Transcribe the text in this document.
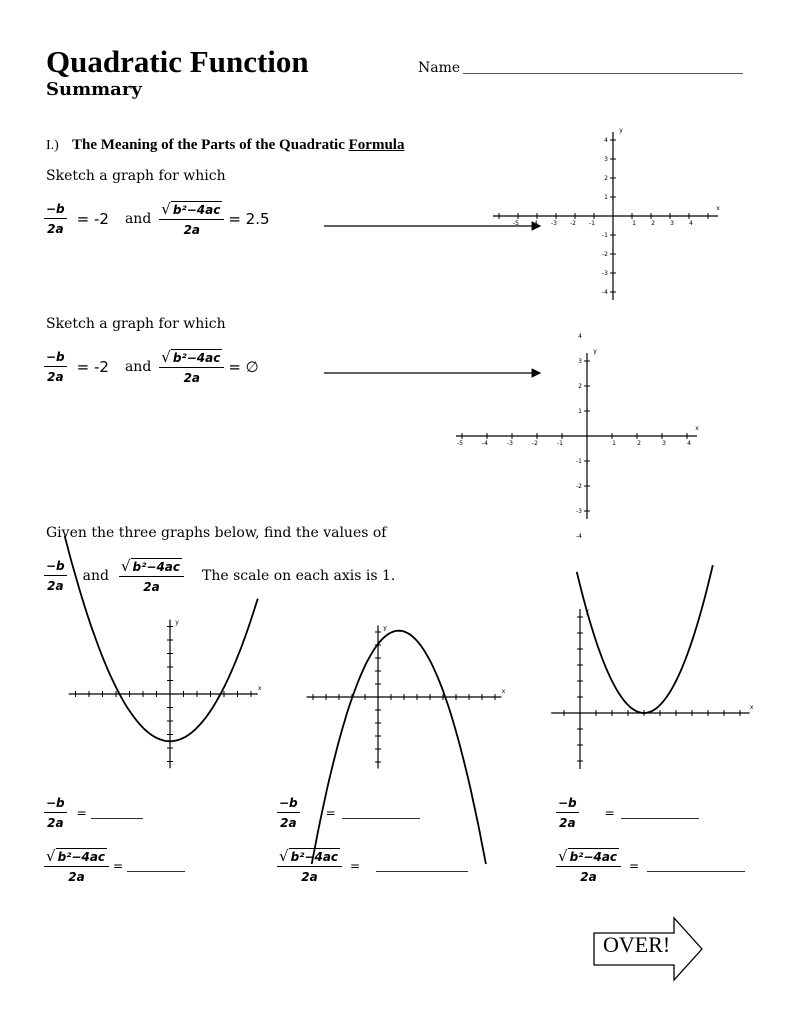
Quadratic Function
Summary
Name
I.) The Meaning of the Parts of the Quadratic Formula
Sketch a graph for which
$\frac{-b}{2a} = -2$ and $\frac{\text{√ b²−4ac}}{2a} = 2.5$
Sketch a graph for which
$\frac{-b}{2a} = -2$ and $\frac{\text{√ b²−4ac}}{2a}$ = ∅
Given the three graphs below, find the values of
$\frac{-b}{2a}$ and $\frac{\text{√ b²−4ac}}{2a}$ The scale on each axis is 1.
-5 -4 -3 -2 -1	1	2	3	4
4
3
2
1
-1
-2
-3
-4
x
y
-5	-4	-3	-2	-1	1	2	3	4
4
3
2
1
-1
-2
-3
-4
x
y
x
y
x
y
x
y
OVER!
$\frac{-b}{2a}$ =
$\frac{\text{√ b²−4ac}}{2a}$ =
$\frac{-b}{2a}$ =
$\frac{\text{√ b²−4ac}}{2a}$ =
$\frac{-b}{2a}$ =
$\frac{\text{√ b²−4ac}}{2a}$ =
